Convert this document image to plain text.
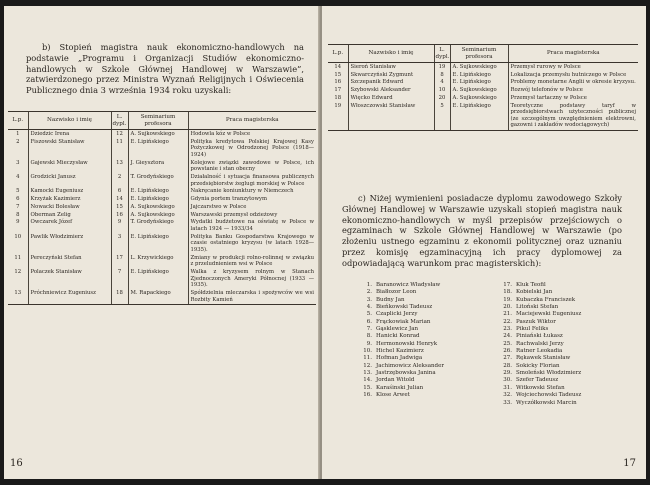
b) Stopień magistra nauk ekonomiczno-handlowych na podstawie „Programu i Organizacji Studiów ekonomiczno-handlowych w Szkole Głównej Handlowej w Warszawie”, zatwierdzonego przez Ministra Wyznań Religijnych i Oświecenia Publicznego dnia 3 września 1934 roku uzyskali:

L.p.	Nazwisko i imię	L. dypl.	Seminarium profesora	Praca magisterska
1	Dziedzic Irena	12	A. Sujkowskiego	Hodowla kóz w Polsce
2	Fiszowski Stanisław	11	E. Lipińskiego	Polityka kredytowa Polskiej Krajowej Kasy Pożyczkowej w Odrodzonej Polsce (1918—1924)
3	Gajewski Mieczysław	13	J. Gieysztora	Kolejowe związki zawodowe w Polsce, ich powstanie i stan obecny
4	Grodzicki Janusz	2	T. Grodyńskiego	Działalność i sytuacja finansowa publicznych przedsiębiorstw żeglugi morskiej w Polsce
5	Kamocki Eugeniusz	6	E. Lipińskiego	Nakręcanie koniunktury w Niemczech
6	Krzyżak Kazimierz	14	E. Lipińskiego	Gdynia portem tranzytowym
7	Nowacki Bolesław	15	A. Sujkowskiego	Jajczarstwo w Polsce
8	Oberman Zelig	16	A. Sujkowskiego	Warszawski przemysł odzieżowy
9	Owczarek Józef	9	T. Grodyńskiego	Wydatki budżetowe na oświatę w Polsce w latach 1924 — 1933/34
10	Pawlik Włodzimierz	3	E. Lipińskiego	Polityka Banku Gospodarstwa Krajowego w czasie ostatniego kryzysu (w latach 1928—1935).
11	Pereczyński Stefan	17	L. Krzywickiego	Zmiany w produkcji rolno-rolinnej w związku z przeludnieniem wsi w Polsce
12	Polaczek Stanisław	7	E. Lipińskiego	Walka z kryzysem rolnym w Stanach Zjednoczonych Ameryki Północnej (1933 — 1935).
13	Próchniewicz Eugeniusz	18	M. Rapackiego	Spółdzielnia mleczarska i spożywców we wsi Rozbity Kamień
16
L.p.	Nazwisko i imię	L. dypl.	Seminarium profesora	Praca magisterska
14	Sieroń Stanisław	19	A. Sujkowskiego	Przemysł rurowy w Polsce
15	Skwarczyński Zygmunt	8	E. Lipińskiego	Lokalizacja przemysłu hutniczego w Polsce
16	Szczepanik Edward	4	E. Lipińskiego	Problemy monetarne Anglii w okresie kryzysu.
17	Szybowski Aleksander	10	A. Sujkowskiego	Rozwój telefonów w Polsce
18	Więcko Edward	20	A. Sujkowskiego	Przemysł tartaczny w Polsce
19	Włoszczowski Stanisław	5	E. Lipińskiego	Teoretyczne podstawy taryf w przedsiębiorstwach użyteczności publicznej (ze szczególnym uwzględnieniem elektrowni, gazowni i zakładów wodociągowych)

c) Niżej wymienieni posiadacze dyplomu zawodowego Szkoły Głównej Handlowej w Warszawie uzyskali stopień magistra nauk ekonomiczno-handlowych w myśl przepisów przejściowych o egzaminach w Szkole Głównej Handlowej w Warszawie (po złożeniu ustnego egzaminu z ekonomii politycznej oraz uznaniu przez komisję egzaminacyjną ich pracy dyplomowej za odpowiadającą warunkom prac magisterskich):

1. Baranowicz Władysław
2. Białłozor Leon
3. Budny Jan
4. Bieńkowski Tadeusz
5. Czaplicki Jerzy
6. Frąckowiak Marian
7. Gąsklewicz Jan
8. Hanicki Konrad
9. Hermonowski Henryk
10. Hichel Kazimierz
11. Hofman Jadwiga
12. Jachimowicz Aleksander
13. Jastrzębowska Janina
14. Jordan Witold
15. Karaśinski Julian
16. Klose Arwet
17. Kluk Teofil
18. Kobielski Jan
19. Kubaczka Franciszek
20. Litoński Stefan
21. Maciejewski Eugeniusz
22. Paszuk Wiktor
23. Pikul Feliks
24. Piniański Łukasz
25. Rachwalski Jerzy
26. Ratner Leokadia
27. Rękawek Stanisław
28. Sokicky Florian
29. Smoleński Włodzimierz
30. Szefer Tadeusz
31. Witkowski Stefan
32. Wojciechowski Tadeusz
33. Wyczółkowski Marcin
17
